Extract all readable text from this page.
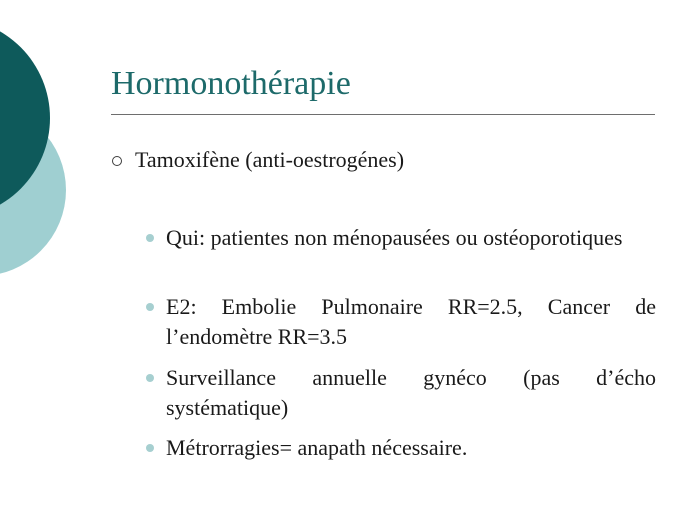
Hormonothérapie
Tamoxifène (anti-oestrogénes)
Qui: patientes non ménopausées ou ostéoporotiques
E2: Embolie Pulmonaire RR=2.5, Cancer de l’endomètre RR=3.5
Surveillance annuelle gynéco (pas d’écho systématique)
Métrorragies= anapath nécessaire.
